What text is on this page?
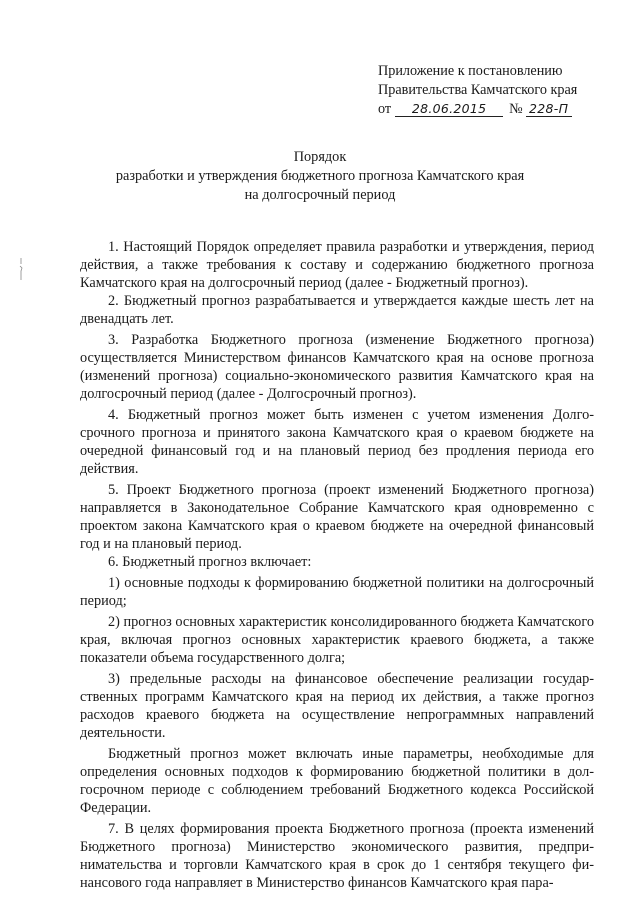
Приложение к постановлению
Правительства Камчатского края
от 28.06.2015 № 228-П
Порядок
разработки и утверждения бюджетного прогноза Камчатского края
на долгосрочный период

1. Настоящий Порядок определяет правила разработки и утверждения, период действия, а также требования к составу и содержанию бюджетного прогноза Камчатского края на долгосрочный период (далее - Бюджетный прогноз).

2. Бюджетный прогноз разрабатывается и утверждается каждые шесть лет на двенадцать лет.

3. Разработка Бюджетного прогноза (изменение Бюджетного прогноза) осуществляется Министерством финансов Камчатского края на основе прогноза (изменений прогноза) социально-экономического развития Камчатского края на долгосрочный период (далее - Долгосрочный прогноз).

4. Бюджетный прогноз может быть изменен с учетом изменения Долгосрочного прогноза и принятого закона Камчатского края о краевом бюджете на очередной финансовый год и на плановый период без продления периода его действия.

5. Проект Бюджетного прогноза (проект изменений Бюджетного прогноза) направляется в Законодательное Собрание Камчатского края одновременно с проектом закона Камчатского края о краевом бюджете на очередной финансовый год и на плановый период.

6. Бюджетный прогноз включает:

1) основные подходы к формированию бюджетной политики на долгосрочный период;

2) прогноз основных характеристик консолидированного бюджета Камчатского края, включая прогноз основных характеристик краевого бюджета, а также показатели объема государственного долга;

3) предельные расходы на финансовое обеспечение реализации государственных программ Камчатского края на период их действия, а также прогноз расходов краевого бюджета на осуществление непрограммных направлений деятельности.

Бюджетный прогноз может включать иные параметры, необходимые для определения основных подходов к формированию бюджетной политики в долгосрочном периоде с соблюдением требований Бюджетного кодекса Российской Федерации.

7. В целях формирования проекта Бюджетного прогноза (проекта изменений Бюджетного прогноза) Министерство экономического развития, предпринимательства и торговли Камчатского края в срок до 1 сентября текущего финансового года направляет в Министерство финансов Камчатского края пара-
